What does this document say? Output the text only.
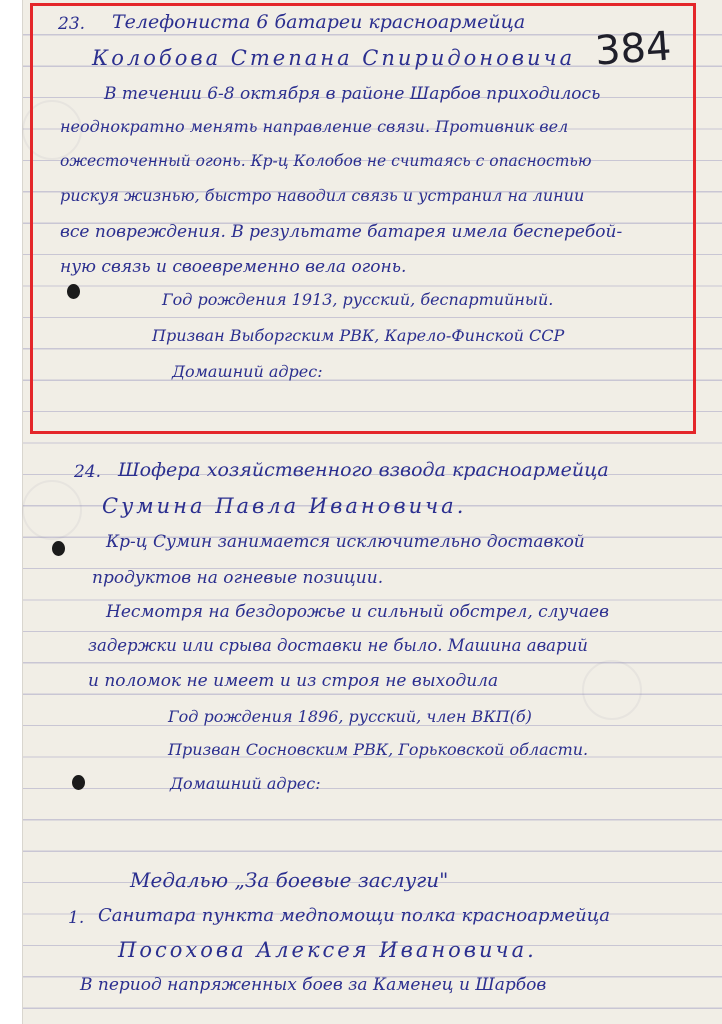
384
23. Телефониста 6 батареи красноармейца
Колобова Степана Спиридоновича
В течении 6-8 октября в районе Шарбов приходилось
неоднократно менять направление связи. Противник вел
ожесточенный огонь. Кр-ц Колобов не считаясь с опасностью
рискуя жизнью, быстро наводил связь и устранил на линии
все повреждения. В результате батарея имела бесперебой-
ную связь и своевременно вела огонь.
Год рождения 1913, русский, беспартийный.
Призван Выборгским РВК, Карело-Финской ССР
Домашний адрес:
24. Шофера хозяйственного взвода красноармейца
Сумина Павла Ивановича.
Кр-ц Сумин занимается исключительно доставкой
продуктов на огневые позиции.
Несмотря на бездорожье и сильный обстрел, случаев
задержки или срыва доставки не было. Машина аварий
и поломок не имеет и из строя не выходила
Год рождения 1896, русский, член ВКП(б)
Призван Сосновским РВК, Горьковской области.
Домашний адрес:
Медалью „За боевые заслуги"
1. Санитара пункта медпомощи полка красноармейца
Посохова Алексея Ивановича.
В период напряженных боев за Каменец и Шарбов
